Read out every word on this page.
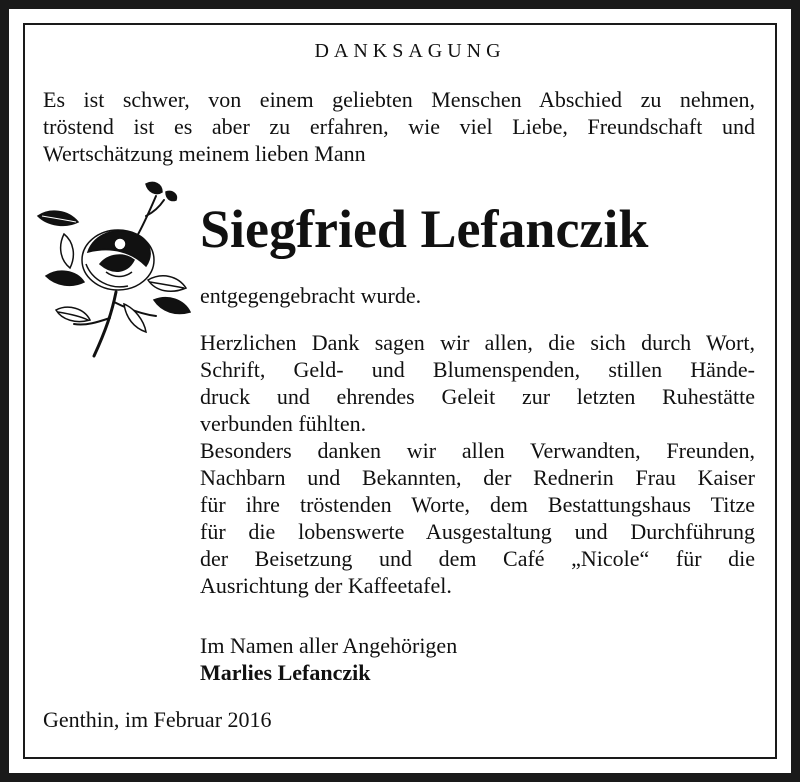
DANKSAGUNG
Es ist schwer, von einem geliebten Menschen Abschied zu nehmen,
tröstend ist es aber zu erfahren, wie viel Liebe, Freundschaft und
Wertschätzung meinem lieben Mann
Siegfried Lefanczik
entgegengebracht wurde.
Herzlichen Dank sagen wir allen, die sich durch Wort,
Schrift, Geld- und Blumenspenden, stillen Hände-
druck und ehrendes Geleit zur letzten Ruhestätte
verbunden fühlten.
Besonders danken wir allen Verwandten, Freunden,
Nachbarn und Bekannten, der Rednerin Frau Kaiser
für ihre tröstenden Worte, dem Bestattungshaus Titze
für die lobenswerte Ausgestaltung und Durchführung
der Beisetzung und dem Café „Nicole“ für die
Ausrichtung der Kaffeetafel.
Im Namen aller Angehörigen
Marlies Lefanczik
Genthin, im Februar 2016
